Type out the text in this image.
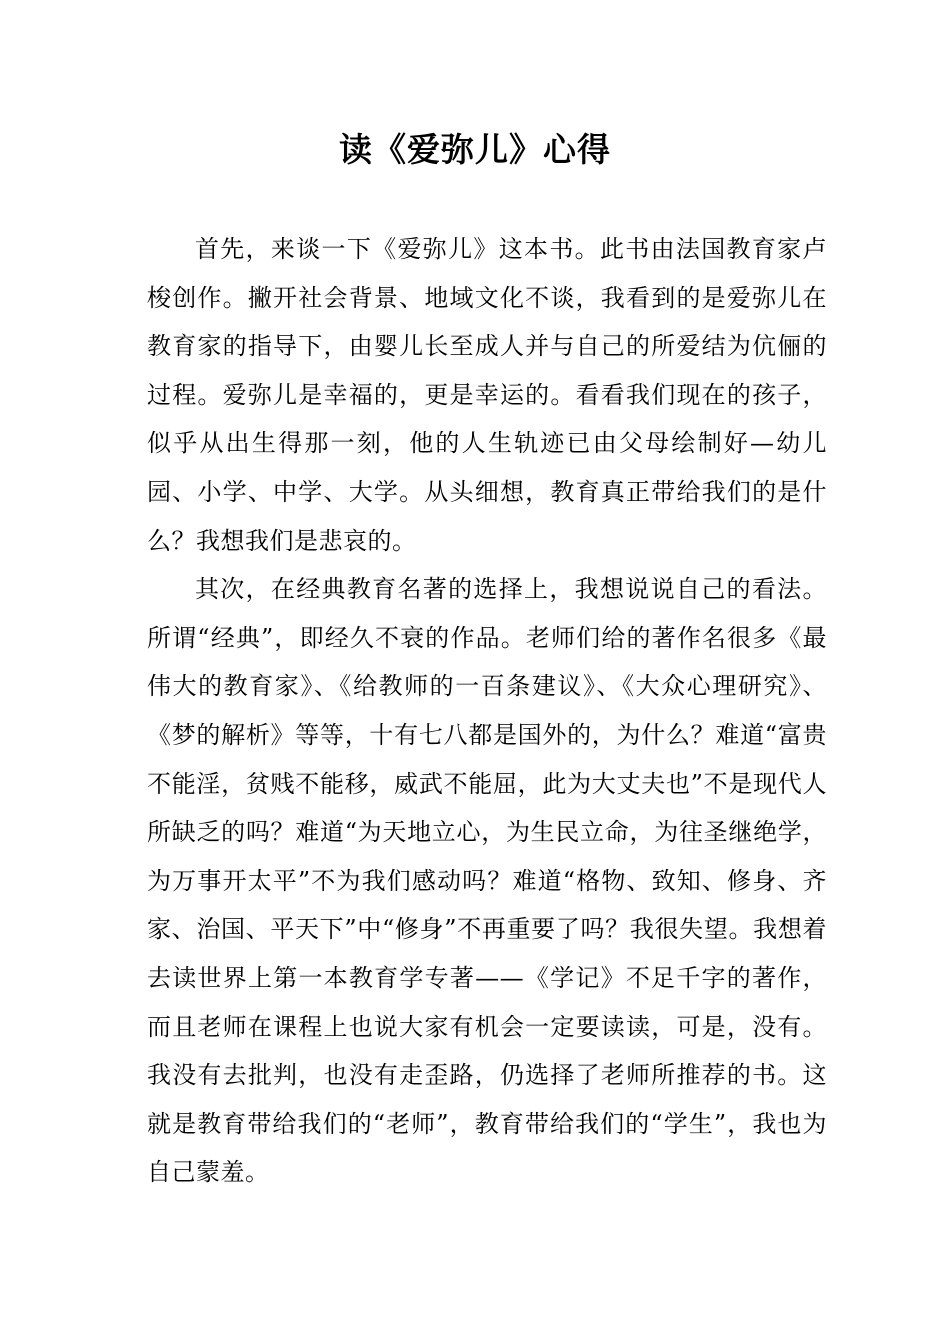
读《爱弥儿》心得

首先，来谈一下《爱弥儿》这本书。此书由法国教育家卢梭创作。撇开社会背景、地域文化不谈，我看到的是爱弥儿在教育家的指导下，由婴儿长至成人并与自己的所爱结为伉俪的过程。爱弥儿是幸福的，更是幸运的。看看我们现在的孩子，似乎从出生得那一刻，他的人生轨迹已由父母绘制好—幼儿园、小学、中学、大学。从头细想，教育真正带给我们的是什么？我想我们是悲哀的。

其次，在经典教育名著的选择上，我想说说自己的看法。所谓“经典”，即经久不衰的作品。老师们给的著作名很多《最伟大的教育家》、《给教师的一百条建议》、《大众心理研究》、《梦的解析》等等，十有七八都是国外的，为什么？难道“富贵不能淫，贫贱不能移，威武不能屈，此为大丈夫也”不是现代人所缺乏的吗？难道“为天地立心，为生民立命，为往圣继绝学，为万事开太平”不为我们感动吗？难道“格物、致知、修身、齐家、治国、平天下”中“修身”不再重要了吗？我很失望。我想着去读世界上第一本教育学专著——《学记》不足千字的著作，而且老师在课程上也说大家有机会一定要读读，可是，没有。我没有去批判，也没有走歪路，仍选择了老师所推荐的书。这就是教育带给我们的“老师”，教育带给我们的“学生”，我也为自己蒙羞。
